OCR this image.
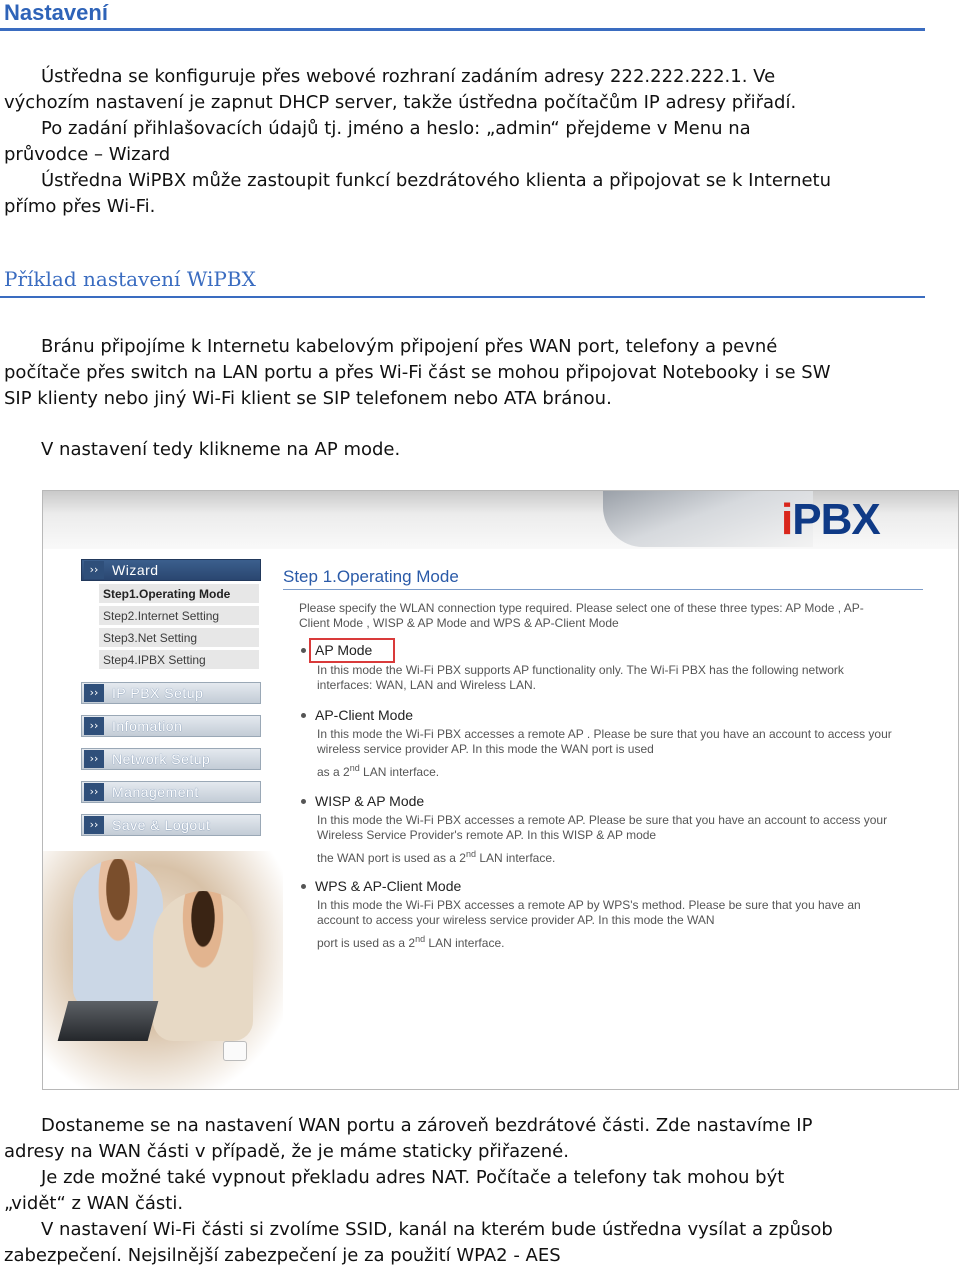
Nastavení
Ústředna se konfiguruje přes webové rozhraní zadáním adresy 222.222.222.1. Ve
výchozím nastavení je zapnut DHCP server, takže ústředna počítačům IP adresy přiřadí.
Po zadání přihlašovacích údajů tj. jméno a heslo: „admin“ přejdeme v Menu na
průvodce – Wizard
Ústředna WiPBX může zastoupit funkcí bezdrátového klienta a připojovat se k Internetu
přímo přes Wi-Fi.
Příklad nastavení WiPBX
Bránu připojíme k Internetu kabelovým připojení přes WAN port, telefony a pevné
počítače přes switch na LAN portu a přes Wi-Fi část se mohou připojovat Notebooky i se SW
SIP klienty nebo jiný Wi-Fi klient se SIP telefonem nebo ATA bránou.
V nastavení tedy klikneme na AP mode.
iPBX
›› Wizard
Step1.Operating Mode
Step2.Internet Setting
Step3.Net Setting
Step4.IPBX Setting
›› IP PBX Setup
›› Infomation
›› Network Setup
›› Management
›› Save & Logout
Step 1.Operating Mode
Please specify the WLAN connection type required. Please select one of these three types: AP Mode , AP-Client Mode , WISP & AP Mode and WPS & AP-Client Mode
AP Mode
In this mode the Wi-Fi PBX supports AP functionality only. The Wi-Fi PBX has the following network interfaces: WAN, LAN and Wireless LAN.
AP-Client Mode
In this mode the Wi-Fi PBX accesses a remote AP . Please be sure that you have an account to access your wireless service provider AP. In this mode the WAN port is used
as a 2nd LAN interface.
WISP & AP Mode
In this mode the Wi-Fi PBX accesses a remote AP. Please be sure that you have an account to access your Wireless Service Provider's remote AP. In this WISP & AP mode
the WAN port is used as a 2nd LAN interface.
WPS & AP-Client Mode
In this mode the Wi-Fi PBX accesses a remote AP by WPS's method. Please be sure that you have an account to access your wireless service provider AP. In this mode the WAN
port is used as a 2nd LAN interface.
Dostaneme se na nastavení WAN portu a zároveň bezdrátové části. Zde nastavíme IP
adresy na WAN části v případě, že je máme staticky přiřazené.
Je zde možné také vypnout překladu adres NAT. Počítače a telefony tak mohou být
„vidět“ z WAN části.
V nastavení Wi-Fi části si zvolíme SSID, kanál na kterém bude ústředna vysílat a způsob
zabezpečení. Nejsilnější zabezpečení je za použití WPA2 - AES
